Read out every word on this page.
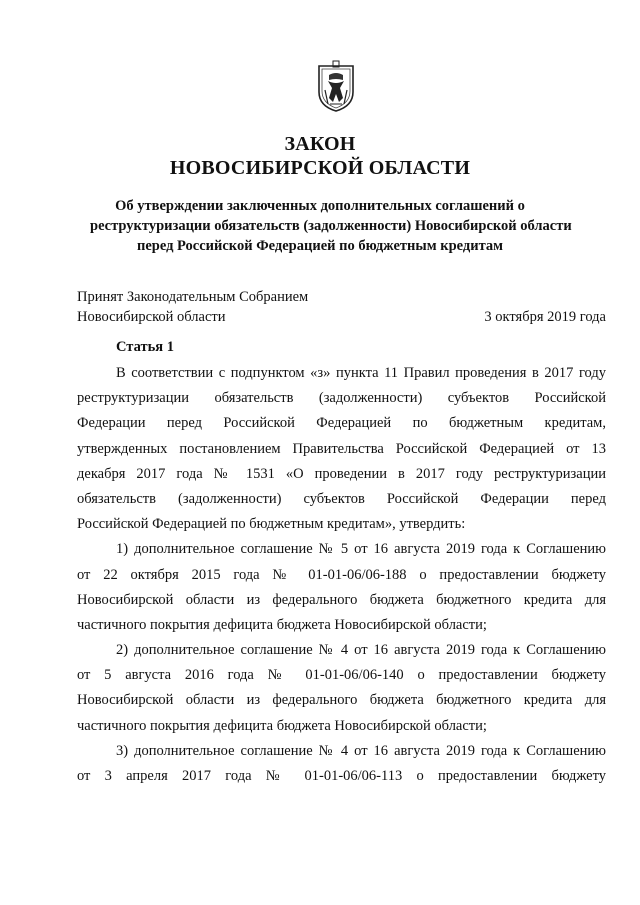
ЗАКОН
НОВОСИБИРСКОЙ ОБЛАСТИ
Об утверждении заключенных дополнительных соглашений о
реструктуризации обязательств (задолженности) Новосибирской области
перед Российской Федерацией по бюджетным кредитам
Принят Законодательным Собранием
Новосибирской области	3 октября 2019 года
Статья 1
В соответствии с подпунктом «з» пункта 11 Правил проведения в 2017 году
реструктуризации обязательств (задолженности) субъектов Российской
Федерации перед Российской Федерацией по бюджетным кредитам,
утвержденных постановлением Правительства Российской Федерацией от 13
декабря 2017 года № 1531 «О проведении в 2017 году реструктуризации
обязательств (задолженности) субъектов Российской Федерации перед
Российской Федерацией по бюджетным кредитам», утвердить:
1) дополнительное соглашение № 5 от 16 августа 2019 года к Соглашению
от 22 октября 2015 года № 01-01-06/06-188 о предоставлении бюджету
Новосибирской области из федерального бюджета бюджетного кредита для
частичного покрытия дефицита бюджета Новосибирской области;
2) дополнительное соглашение № 4 от 16 августа 2019 года к Соглашению
от 5 августа 2016 года № 01-01-06/06-140 о предоставлении бюджету
Новосибирской области из федерального бюджета бюджетного кредита для
частичного покрытия дефицита бюджета Новосибирской области;
3) дополнительное соглашение № 4 от 16 августа 2019 года к Соглашению
от 3 апреля 2017 года № 01-01-06/06-113 о предоставлении бюджету
